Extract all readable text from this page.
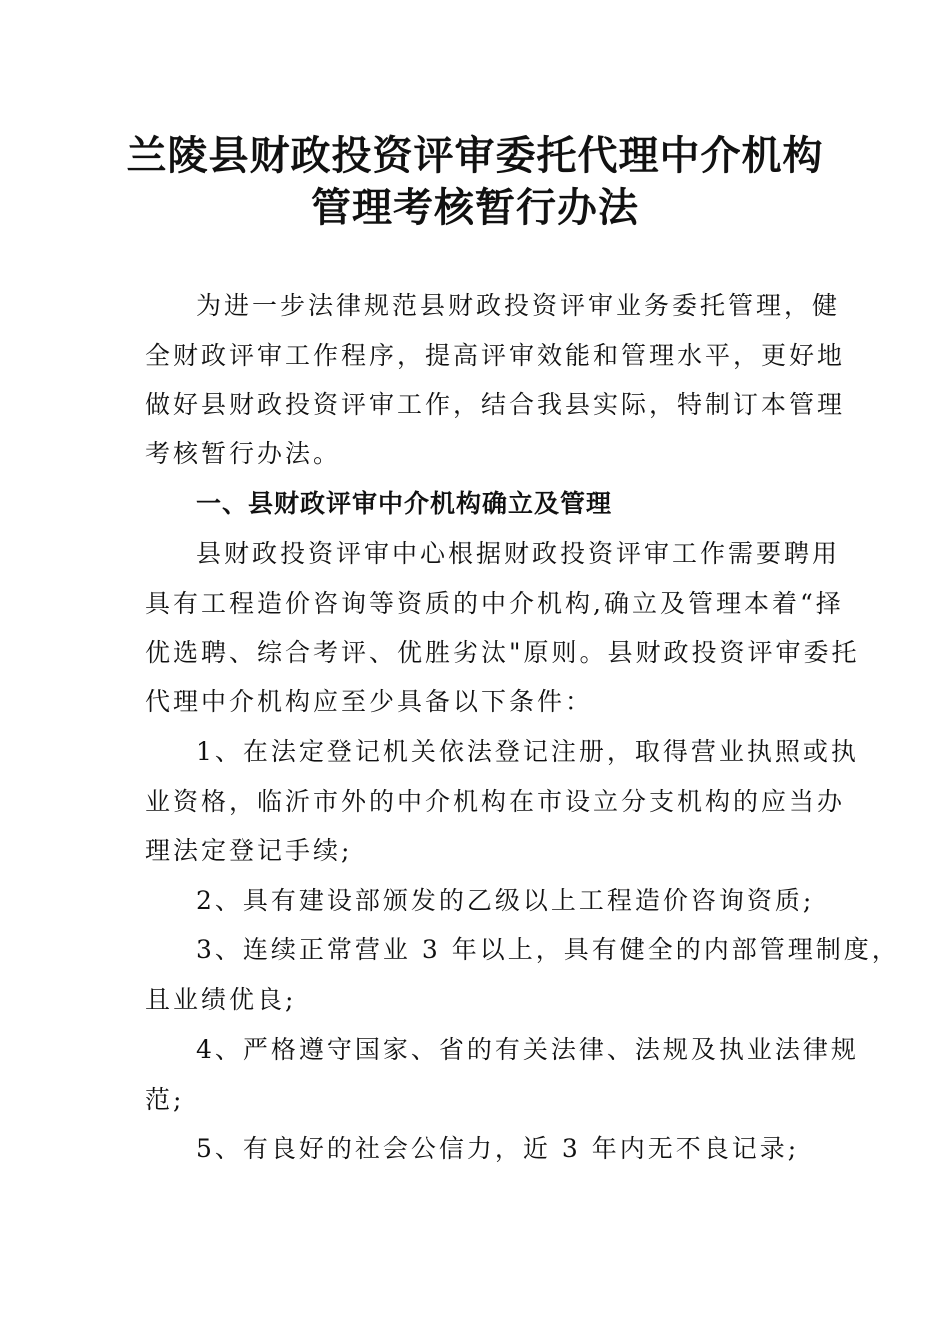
兰陵县财政投资评审委托代理中介机构
管理考核暂行办法
为进一步法律规范县财政投资评审业务委托管理，健
全财政评审工作程序，提高评审效能和管理水平，更好地
做好县财政投资评审工作，结合我县实际，特制订本管理
考核暂行办法。
一、县财政评审中介机构确立及管理
县财政投资评审中心根据财政投资评审工作需要聘用
具有工程造价咨询等资质的中介机构,确立及管理本着“择
优选聘、综合考评、优胜劣汰"原则。县财政投资评审委托
代理中介机构应至少具备以下条件：
1、在法定登记机关依法登记注册，取得营业执照或执
业资格，临沂市外的中介机构在市设立分支机构的应当办
理法定登记手续;
2、具有建设部颁发的乙级以上工程造价咨询资质;
3、连续正常营业 3 年以上，具有健全的内部管理制度，
且业绩优良;
4、严格遵守国家、省的有关法律、法规及执业法律规
范;
5、有良好的社会公信力，近 3 年内无不良记录;
